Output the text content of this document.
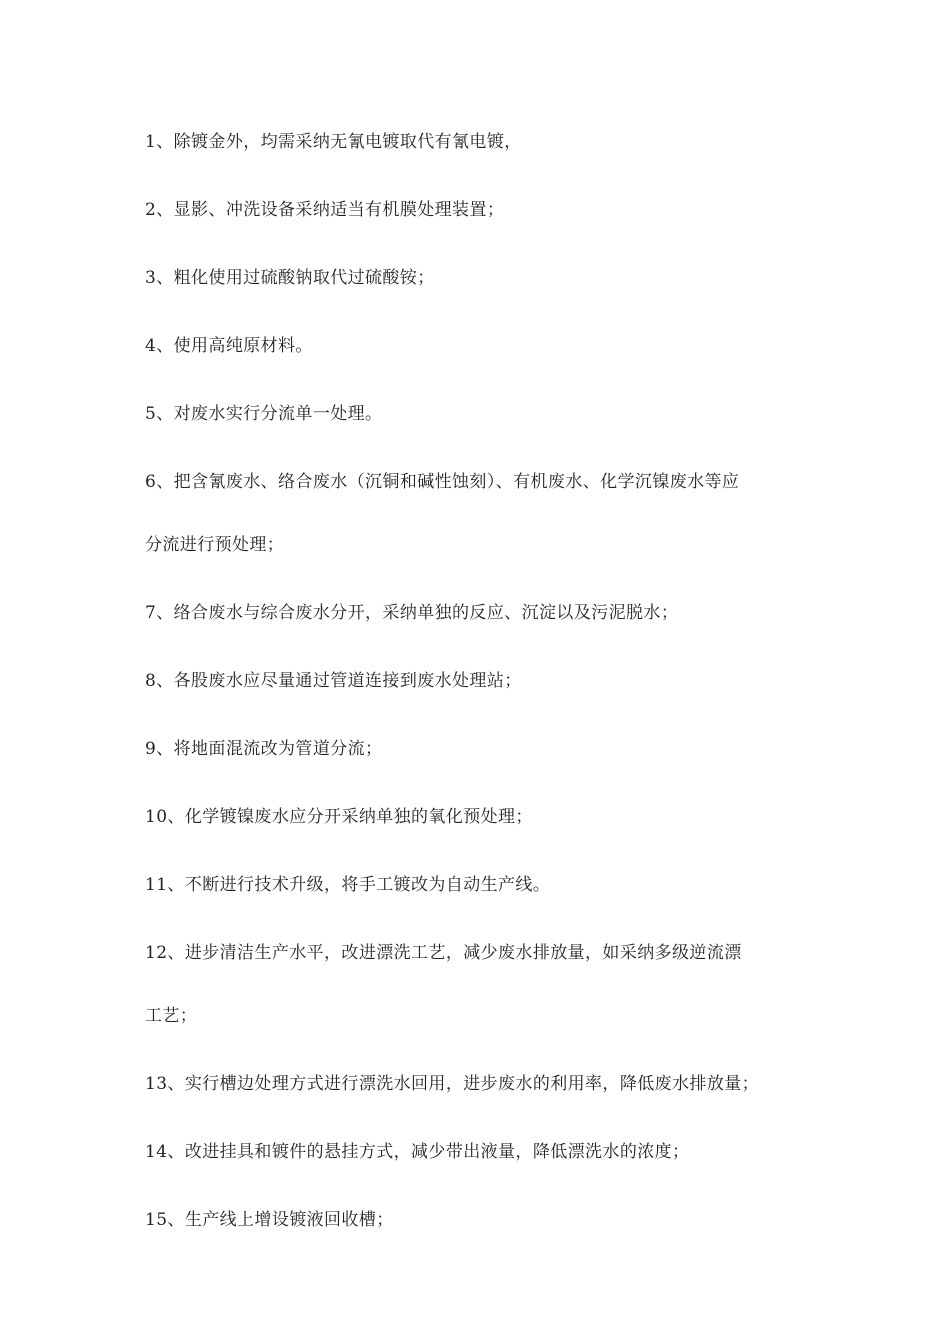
1、除镀金外，均需采纳无氰电镀取代有氰电镀，

2、显影、冲洗设备采纳适当有机膜处理装置；

3、粗化使用过硫酸钠取代过硫酸铵；

4、使用高纯原材料。

5、对废水实行分流单一处理。

6、把含氰废水、络合废水（沉铜和碱性蚀刻）、有机废水、化学沉镍废水等应
分流进行预处理；

7、络合废水与综合废水分开，采纳单独的反应、沉淀以及污泥脱水；

8、各股废水应尽量通过管道连接到废水处理站；

9、将地面混流改为管道分流；

10、化学镀镍废水应分开采纳单独的氧化预处理；

11、不断进行技术升级，将手工镀改为自动生产线。

12、进步清洁生产水平，改进漂洗工艺，减少废水排放量，如采纳多级逆流漂
工艺；

13、实行槽边处理方式进行漂洗水回用，进步废水的利用率，降低废水排放量；

14、改进挂具和镀件的悬挂方式，减少带出液量，降低漂洗水的浓度；

15、生产线上增设镀液回收槽；
